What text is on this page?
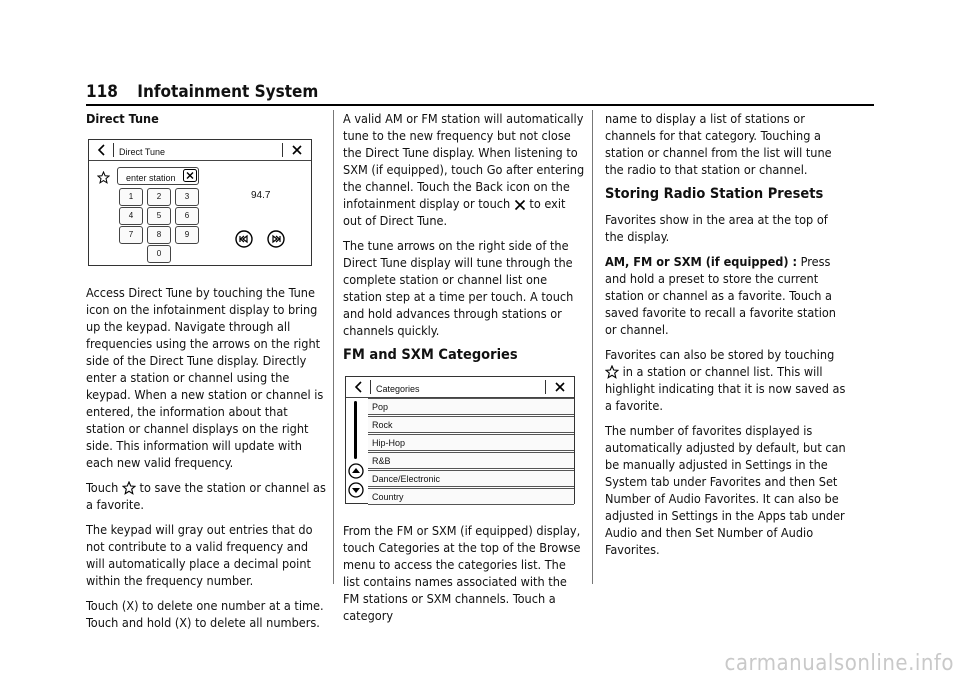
118 Infotainment System

Direct Tune

Direct Tune
enter station
1	2	3
4	5	6
7	8	9
0
94.7

Access Direct Tune by touching the Tune icon on the infotainment display to bring up the keypad. Navigate through all frequencies using the arrows on the right side of the Direct Tune display. Directly enter a station or channel using the keypad. When a new station or channel is entered, the information about that station or channel displays on the right side. This information will update with each new valid frequency.

Touch to save the station or channel as a favorite.

The keypad will gray out entries that do not contribute to a valid frequency and will automatically place a decimal point within the frequency number.

Touch (X) to delete one number at a time. Touch and hold (X) to delete all numbers.

A valid AM or FM station will automatically tune to the new frequency but not close the Direct Tune display. When listening to SXM (if equipped), touch Go after entering the channel. Touch the Back icon on the infotainment display or touch to exit out of Direct Tune.

The tune arrows on the right side of the Direct Tune display will tune through the complete station or channel list one station step at a time per touch. A touch and hold advances through stations or channels quickly.

FM and SXM Categories
Categories
Pop
Rock
Hip-Hop
R&B
Dance/Electronic
Country

From the FM or SXM (if equipped) display, touch Categories at the top of the Browse menu to access the categories list. The list contains names associated with the FM stations or SXM channels. Touch a category

name to display a list of stations or channels for that category. Touching a station or channel from the list will tune the radio to that station or channel.

Storing Radio Station Presets

Favorites show in the area at the top of the display.

AM, FM or SXM (if equipped) : Press and hold a preset to store the current station or channel as a favorite. Touch a saved favorite to recall a favorite station or channel.

Favorites can also be stored by touching  in a station or channel list. This will highlight indicating that it is now saved as a favorite.

The number of favorites displayed is automatically adjusted by default, but can be manually adjusted in Settings in the System tab under Favorites and then Set Number of Audio Favorites. It can also be adjusted in Settings in the Apps tab under Audio and then Set Number of Audio Favorites.

carmanualsonline.info
